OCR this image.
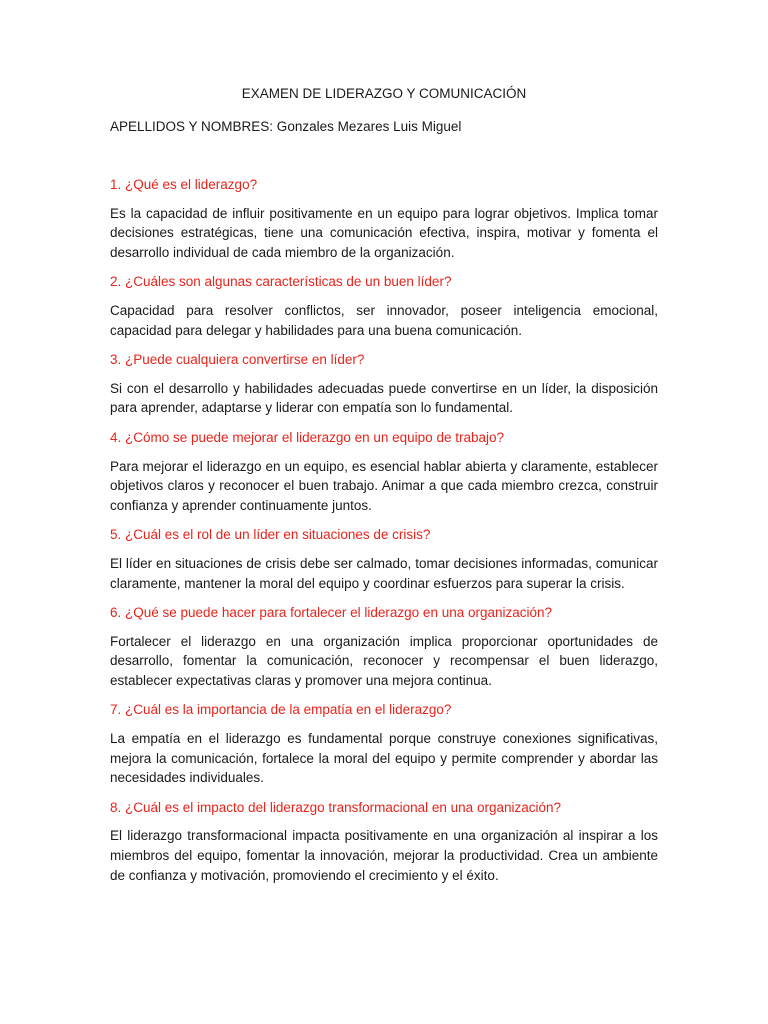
EXAMEN DE LIDERAZGO Y COMUNICACIÓN

APELLIDOS Y NOMBRES: Gonzales Mezares Luis Miguel

1. ¿Qué es el liderazgo?

Es la capacidad de influir positivamente en un equipo para lograr objetivos. Implica tomar decisiones estratégicas, tiene una comunicación efectiva, inspira, motivar y fomenta el desarrollo individual de cada miembro de la organización.

2. ¿Cuáles son algunas características de un buen líder?

Capacidad para resolver conflictos, ser innovador, poseer inteligencia emocional, capacidad para delegar y habilidades para una buena comunicación.

3. ¿Puede cualquiera convertirse en líder?

Si con el desarrollo y habilidades adecuadas puede convertirse en un líder, la disposición para aprender, adaptarse y liderar con empatía son lo fundamental.

4. ¿Cómo se puede mejorar el liderazgo en un equipo de trabajo?

Para mejorar el liderazgo en un equipo, es esencial hablar abierta y claramente, establecer objetivos claros y reconocer el buen trabajo. Animar a que cada miembro crezca, construir confianza y aprender continuamente juntos.

5. ¿Cuál es el rol de un líder en situaciones de crisis?

El líder en situaciones de crisis debe ser calmado, tomar decisiones informadas, comunicar claramente, mantener la moral del equipo y coordinar esfuerzos para superar la crisis.

6. ¿Qué se puede hacer para fortalecer el liderazgo en una organización?

Fortalecer el liderazgo en una organización implica proporcionar oportunidades de desarrollo, fomentar la comunicación, reconocer y recompensar el buen liderazgo, establecer expectativas claras y promover una mejora continua.

7. ¿Cuál es la importancia de la empatía en el liderazgo?

La empatía en el liderazgo es fundamental porque construye conexiones significativas, mejora la comunicación, fortalece la moral del equipo y permite comprender y abordar las necesidades individuales.

8. ¿Cuál es el impacto del liderazgo transformacional en una organización?

El liderazgo transformacional impacta positivamente en una organización al inspirar a los miembros del equipo, fomentar la innovación, mejorar la productividad. Crea un ambiente de confianza y motivación, promoviendo el crecimiento y el éxito.
